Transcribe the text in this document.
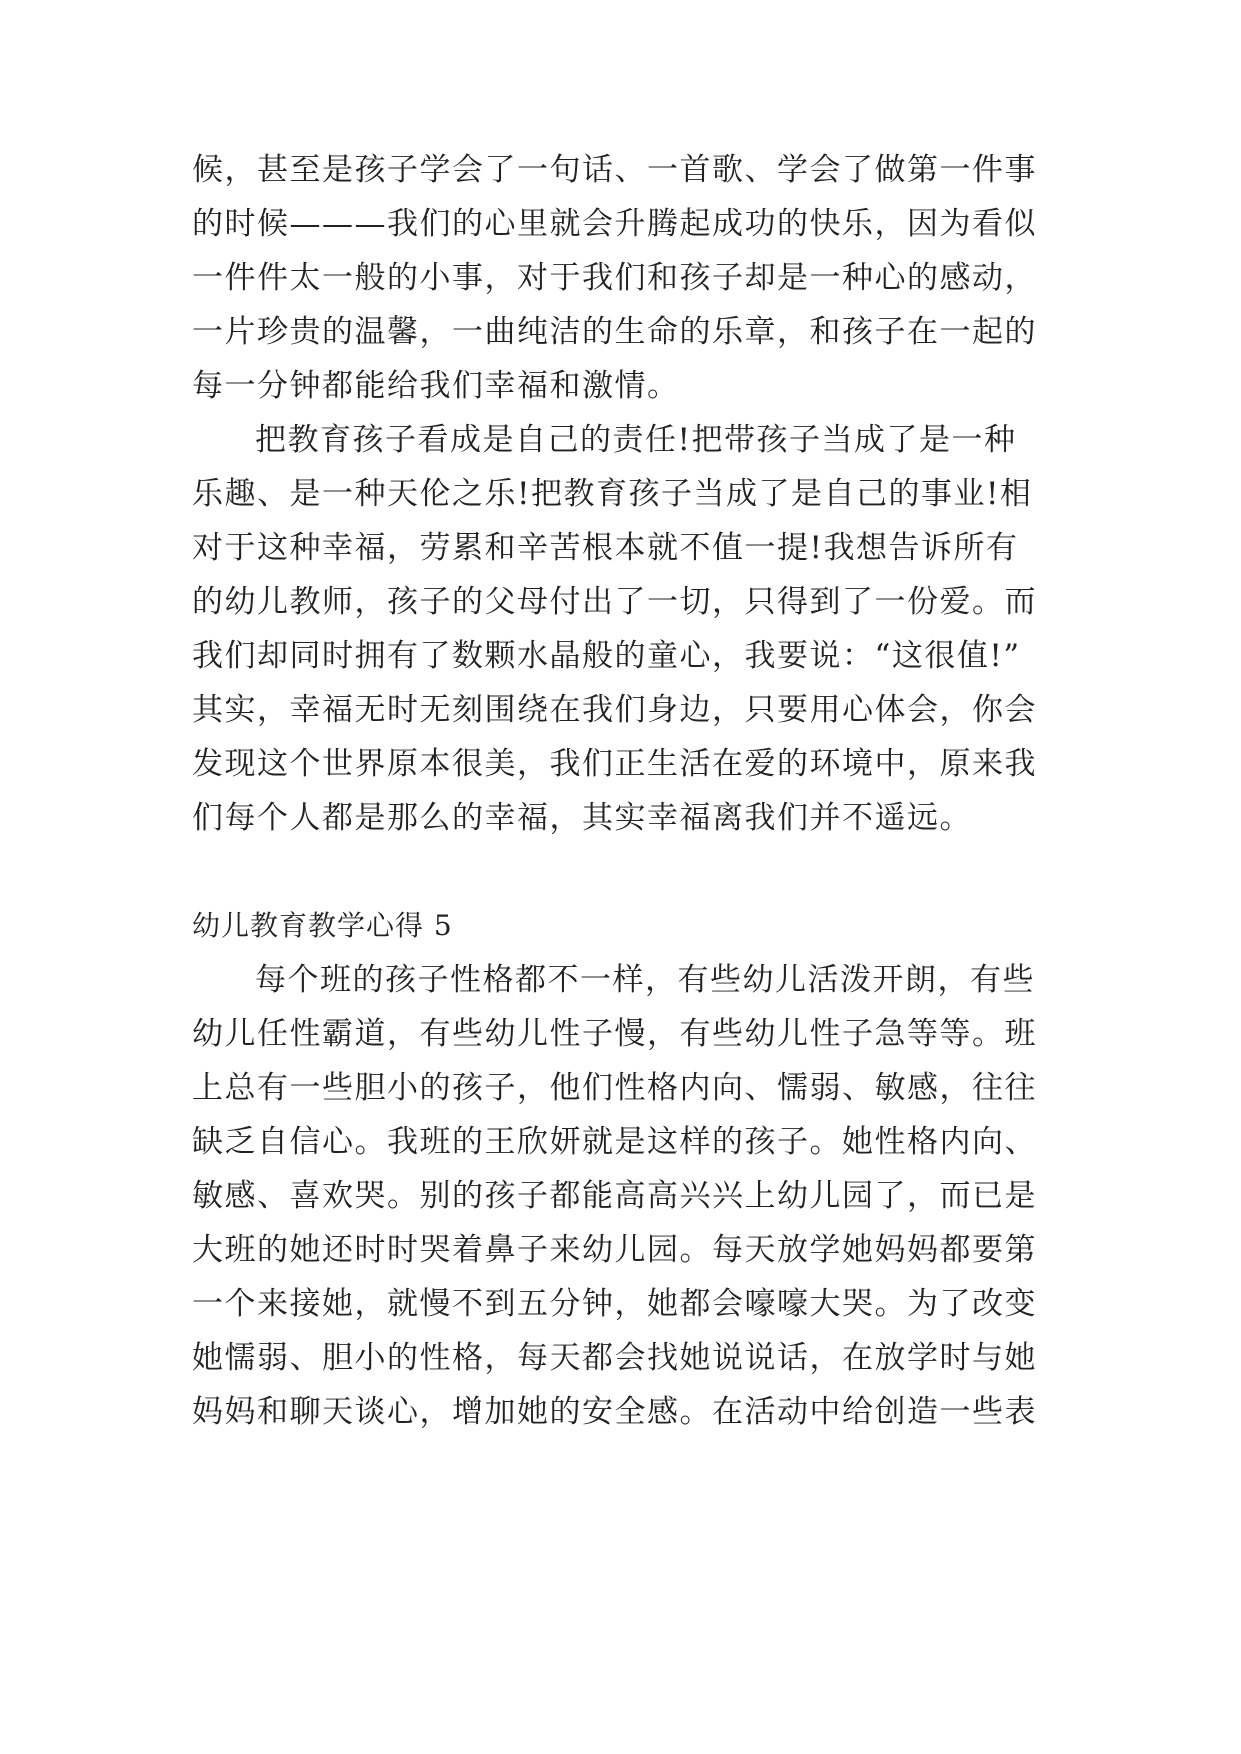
候，甚至是孩子学会了一句话、一首歌、学会了做第一件事
的时候———我们的心里就会升腾起成功的快乐，因为看似
一件件太一般的小事，对于我们和孩子却是一种心的感动，
一片珍贵的温馨，一曲纯洁的生命的乐章，和孩子在一起的
每一分钟都能给我们幸福和激情。
把教育孩子看成是自己的责任!把带孩子当成了是一种
乐趣、是一种天伦之乐!把教育孩子当成了是自己的事业!相
对于这种幸福，劳累和辛苦根本就不值一提!我想告诉所有
的幼儿教师，孩子的父母付出了一切，只得到了一份爱。而
我们却同时拥有了数颗水晶般的童心，我要说：“这很值!”
其实，幸福无时无刻围绕在我们身边，只要用心体会，你会
发现这个世界原本很美，我们正生活在爱的环境中，原来我
们每个人都是那么的幸福，其实幸福离我们并不遥远。
幼儿教育教学心得 5
每个班的孩子性格都不一样，有些幼儿活泼开朗，有些
幼儿任性霸道，有些幼儿性子慢，有些幼儿性子急等等。班
上总有一些胆小的孩子，他们性格内向、懦弱、敏感，往往
缺乏自信心。我班的王欣妍就是这样的孩子。她性格内向、
敏感、喜欢哭。别的孩子都能高高兴兴上幼儿园了，而已是
大班的她还时时哭着鼻子来幼儿园。每天放学她妈妈都要第
一个来接她，就慢不到五分钟，她都会嚎嚎大哭。为了改变
她懦弱、胆小的性格，每天都会找她说说话，在放学时与她
妈妈和聊天谈心，增加她的安全感。在活动中给创造一些表
